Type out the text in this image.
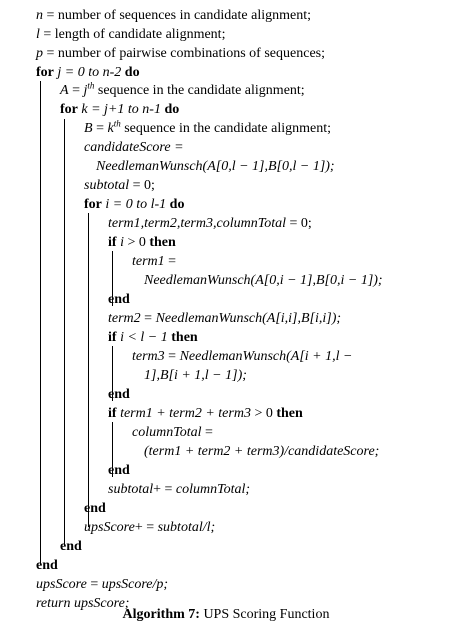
n = number of sequences in candidate alignment;
l = length of candidate alignment;
p = number of pairwise combinations of sequences;
for j = 0 to n-2 do
$A = j^{th}$ sequence in the candidate alignment;
for k = j+1 to n-1 do
$B = k^{th}$ sequence in the candidate alignment;
candidateScore =
NeedlemanWunsch(A[0,l − 1],B[0,l − 1]);
subtotal = 0;
for i = 0 to l-1 do
term1,term2,term3,columnTotal = 0;
if i > 0 then
term1 =
NeedlemanWunsch(A[0,i − 1],B[0,i − 1]);
end
term2 = NeedlemanWunsch(A[i,i],B[i,i]);
if i < l − 1 then
term3 = NeedlemanWunsch(A[i + 1,l −
1],B[i + 1,l − 1]);
end
if term1 + term2 + term3 > 0 then
columnTotal =
(term1 + term2 + term3)/candidateScore;
end
subtotal+ = columnTotal;
end
upsScore+ = subtotal/l;
end
end
upsScore = upsScore/p;
return upsScore;
Algorithm 7: UPS Scoring Function
